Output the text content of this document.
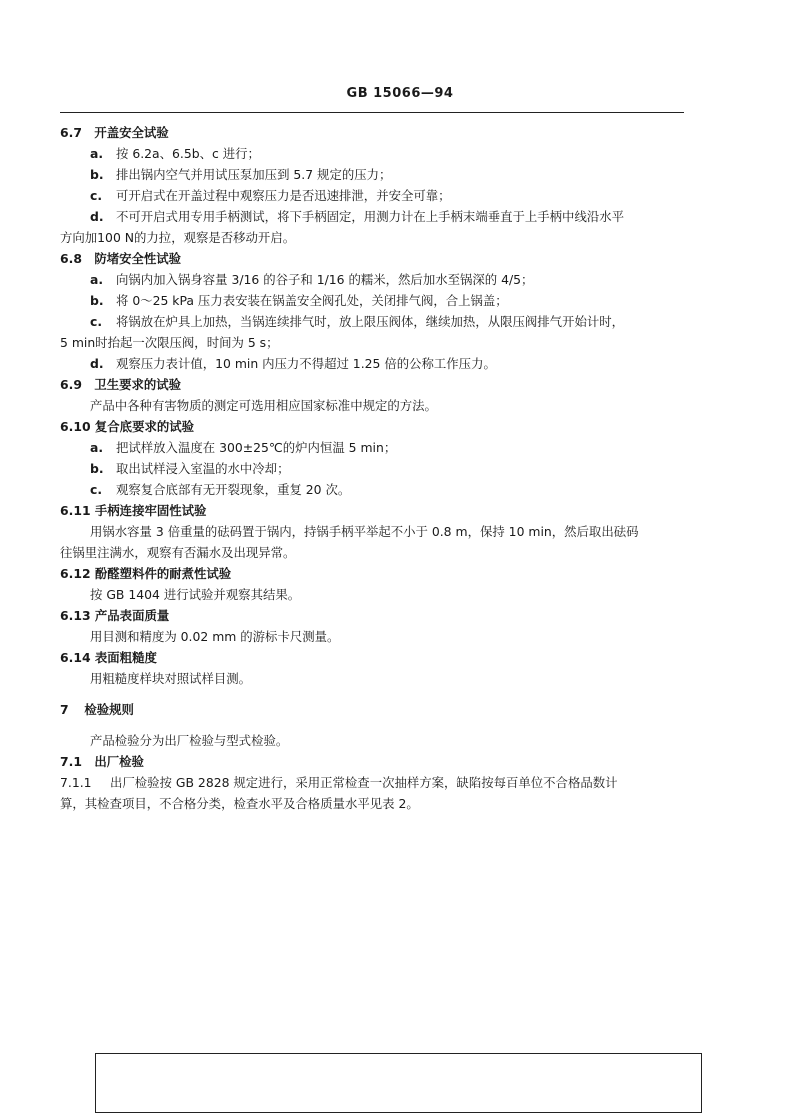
GB 15066—94
6.7 开盖安全试验
a. 按 6.2a、6.5b、c 进行；
b. 排出锅内空气并用试压泵加压到 5.7 规定的压力；
c. 可开启式在开盖过程中观察压力是否迅速排泄，并安全可靠；
d. 不可开启式用专用手柄测试，将下手柄固定，用测力计在上手柄末端垂直于上手柄中线沿水平
方向加100 N的力拉，观察是否移动开启。
6.8 防堵安全性试验
a. 向锅内加入锅身容量 3/16 的谷子和 1/16 的糯米，然后加水至锅深的 4/5；
b. 将 0～25 kPa 压力表安装在锅盖安全阀孔处，关闭排气阀，合上锅盖；
c. 将锅放在炉具上加热，当锅连续排气时，放上限压阀体，继续加热，从限压阀排气开始计时，
5 min时抬起一次限压阀，时间为 5 s；
d. 观察压力表计值，10 min 内压力不得超过 1.25 倍的公称工作压力。
6.9 卫生要求的试验
产品中各种有害物质的测定可选用相应国家标准中规定的方法。
6.10 复合底要求的试验
a. 把试样放入温度在 300±25℃的炉内恒温 5 min；
b. 取出试样浸入室温的水中冷却；
c. 观察复合底部有无开裂现象，重复 20 次。
6.11 手柄连接牢固性试验
用锅水容量 3 倍重量的砝码置于锅内，持锅手柄平举起不小于 0.8 m，保持 10 min，然后取出砝码
往锅里注满水，观察有否漏水及出现异常。
6.12 酚醛塑料件的耐煮性试验
按 GB 1404 进行试验并观察其结果。
6.13 产品表面质量
用目测和精度为 0.02 mm 的游标卡尺测量。
6.14 表面粗糙度
用粗糙度样块对照试样目测。
7 检验规则
产品检验分为出厂检验与型式检验。
7.1 出厂检验
7.1.1 出厂检验按 GB 2828 规定进行，采用正常检查一次抽样方案，缺陷按每百单位不合格品数计
算，其检查项目，不合格分类，检查水平及合格质量水平见表 2。
